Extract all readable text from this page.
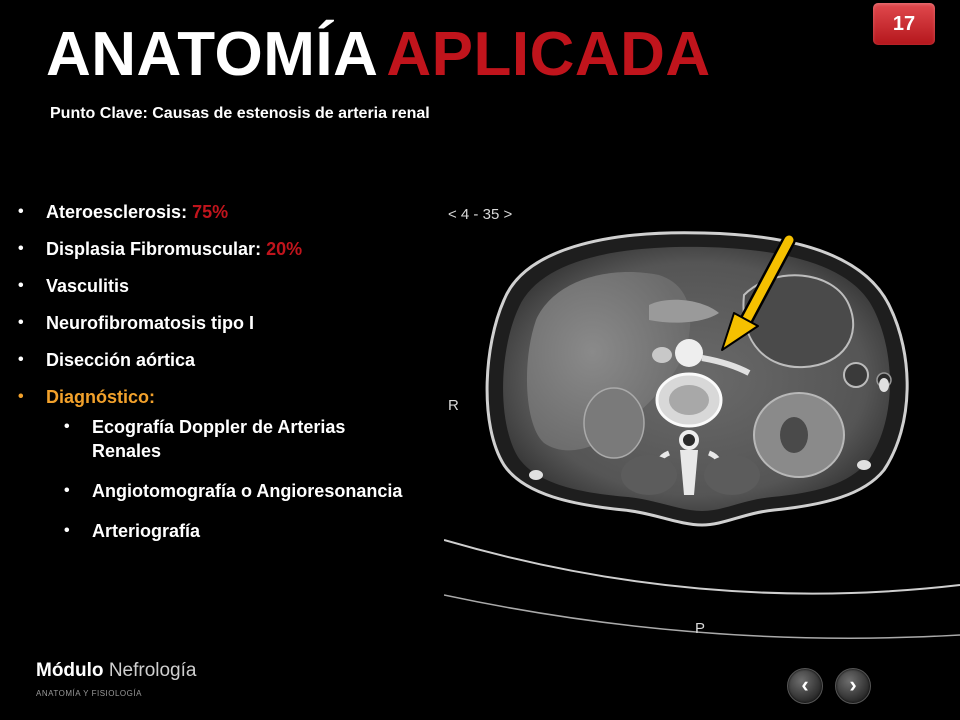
ANATOMÍA APLICADA
Punto Clave: Causas de estenosis de arteria renal
17
• Ateroesclerosis: 75%
• Displasia Fibromuscular: 20%
• Vasculitis
• Neurofibromatosis tipo I
• Disección aórtica
• Diagnóstico:
• Ecografía Doppler de Arterias Renales
• Angiotomografía o Angioresonancia
• Arteriografía
< 4 - 35 >
R
P
Módulo Nefrología
ANATOMÍA Y FISIOLOGÍA	‹	›
